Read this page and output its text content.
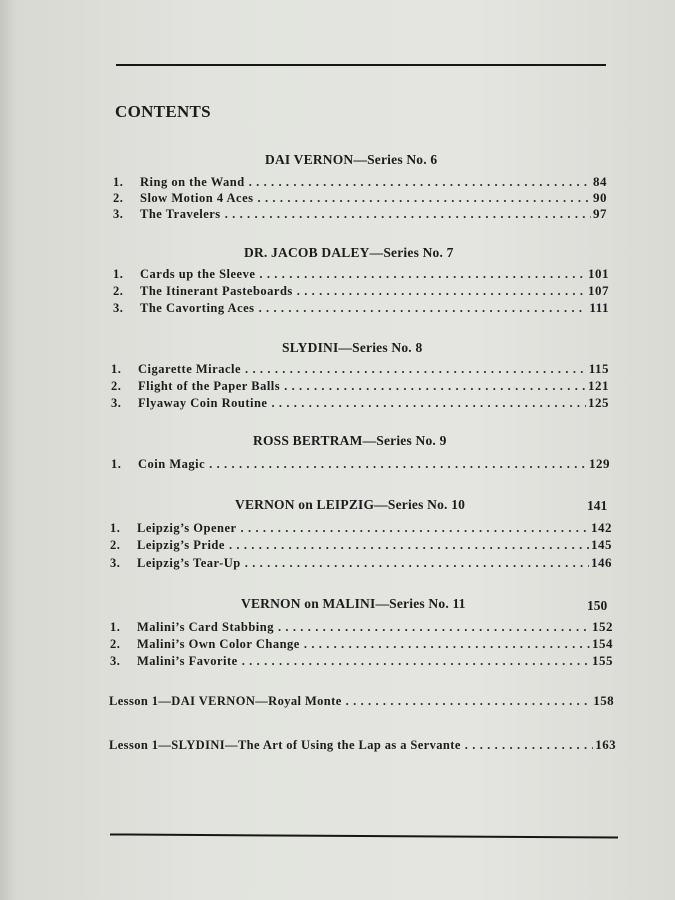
CONTENTS
DAI VERNON—Series No. 6
1.	Ring on the Wand . . .	84
2.	Slow Motion 4 Aces . . .	90
3.	The Travelers . . .	97
DR. JACOB DALEY—Series No. 7
1.	Cards up the Sleeve . . .	101
2.	The Itinerant Pasteboards . . .	107
3.	The Cavorting Aces . . .	111
SLYDINI—Series No. 8
1.	Cigarette Miracle . . .	115
2.	Flight of the Paper Balls . . .	121
3.	Flyaway Coin Routine . . .	125
ROSS BERTRAM—Series No. 9
1.	Coin Magic . . .	129
VERNON on LEIPZIG—Series No. 10	141
1.	Leipzig’s Opener . . .	142
2.	Leipzig’s Pride . . .	145
3.	Leipzig’s Tear-Up . . .	146
VERNON on MALINI—Series No. 11	150
1.	Malini’s Card Stabbing . . .	152
2.	Malini’s Own Color Change . . .	154
3.	Malini’s Favorite . . .	155
Lesson 1—DAI VERNON—Royal Monte . . .	158
Lesson 1—SLYDINI—The Art of Using the Lap as a Servante . . .	163
